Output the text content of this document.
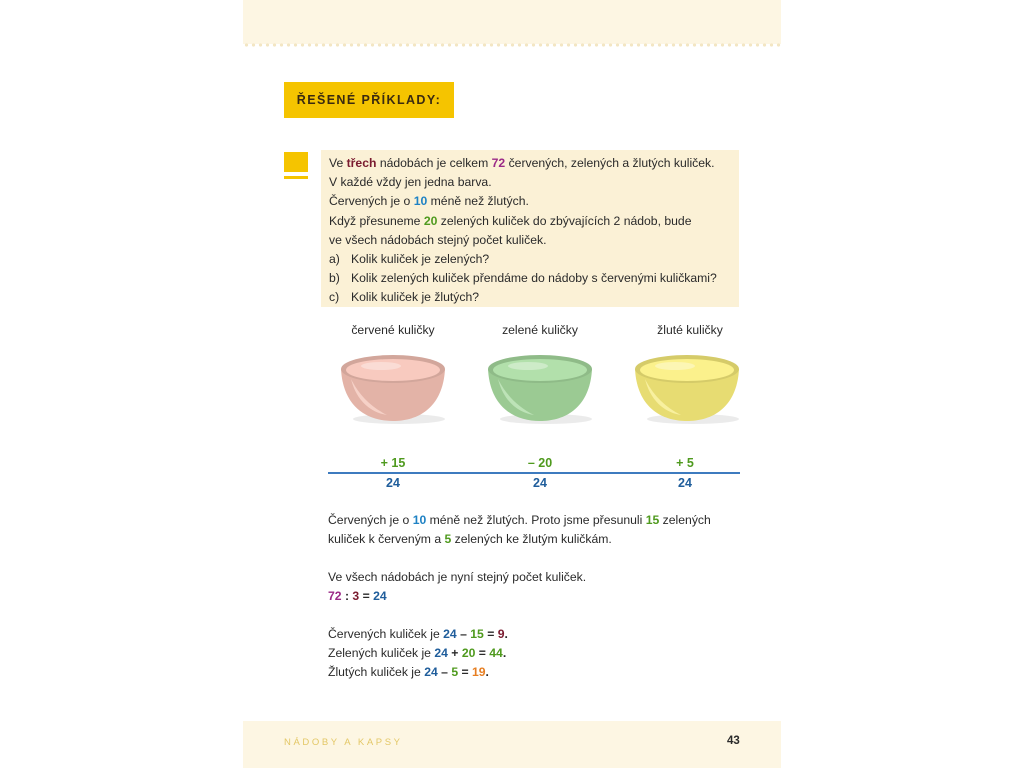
ŘEŠENÉ PŘÍKLADY:
Ve třech nádobách je celkem 72 červených, zelených a žlutých kuliček.
V každé vždy jen jedna barva.
Červených je o 10 méně než žlutých.
Když přesuneme 20 zelených kuliček do zbývajících 2 nádob, bude
ve všech nádobách stejný počet kuliček.
a) Kolik kuliček je zelených?
b) Kolik zelených kuliček přendáme do nádoby s červenými kuličkami?
c) Kolik kuliček je žlutých?
červené kuličky	zelené kuličky	žluté kuličky
+ 15	– 20	+ 5
24	24	24
Červených je o 10 méně než žlutých. Proto jsme přesunuli 15 zelených
kuliček k červeným a 5 zelených ke žlutým kuličkám.
Ve všech nádobách je nyní stejný počet kuliček.
72 : 3 = 24
Červených kuliček je 24 – 15 = 9.
Zelených kuliček je 24 + 20 = 44.
Žlutých kuliček je 24 – 5 = 19.
NÁDOBY A KAPSY	43
